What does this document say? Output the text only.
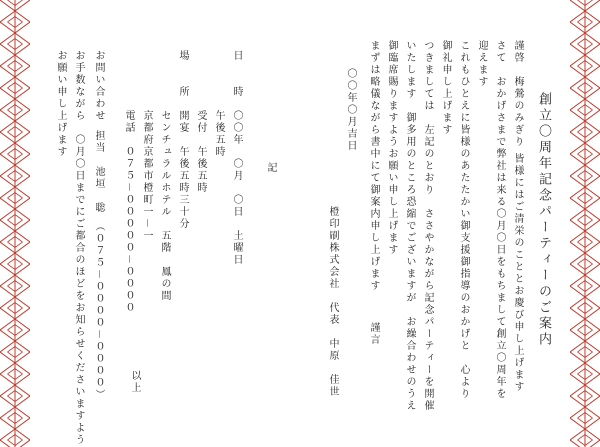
創立〇周年記念パーティーのご案内
謹啓　梅鶯のみぎり 皆様にはご清栄のこととお慶び申し上げます
さて　おかげさまで弊社は来る〇月〇日をもちまして創立〇周年を
迎えます
これもひとえに皆様のあたたかい御支援御指導のおかげと　心より
御礼申し上げます
つきましては　左記のとおり　ささやかながら記念パーティーを開催
いたします　御多用のところ恐縮でございますが　お繰合わせのうえ
御臨席賜りますようお願い申し上げます
まずは略儀ながら書中にて御案内申し上げます
謹言
〇〇年〇月吉日
橙印刷株式会社　代表　中原　佳世
記
日　　時
〇〇年　〇月　〇日　土曜日
午後五時
受付　午後五時
開宴　午後五時三十分
場　　所
センチュラルホテル　五階　鳳の間
京都府京都市橙町一－一
電話　０７５－０００００－００００
お問い合わせ
担当　池垣　聡　（０７５－００００－００００）
お手数ながら　〇月〇日までにご都合のほどをお知らせくださいますよう
お願い申し上げます
以上
